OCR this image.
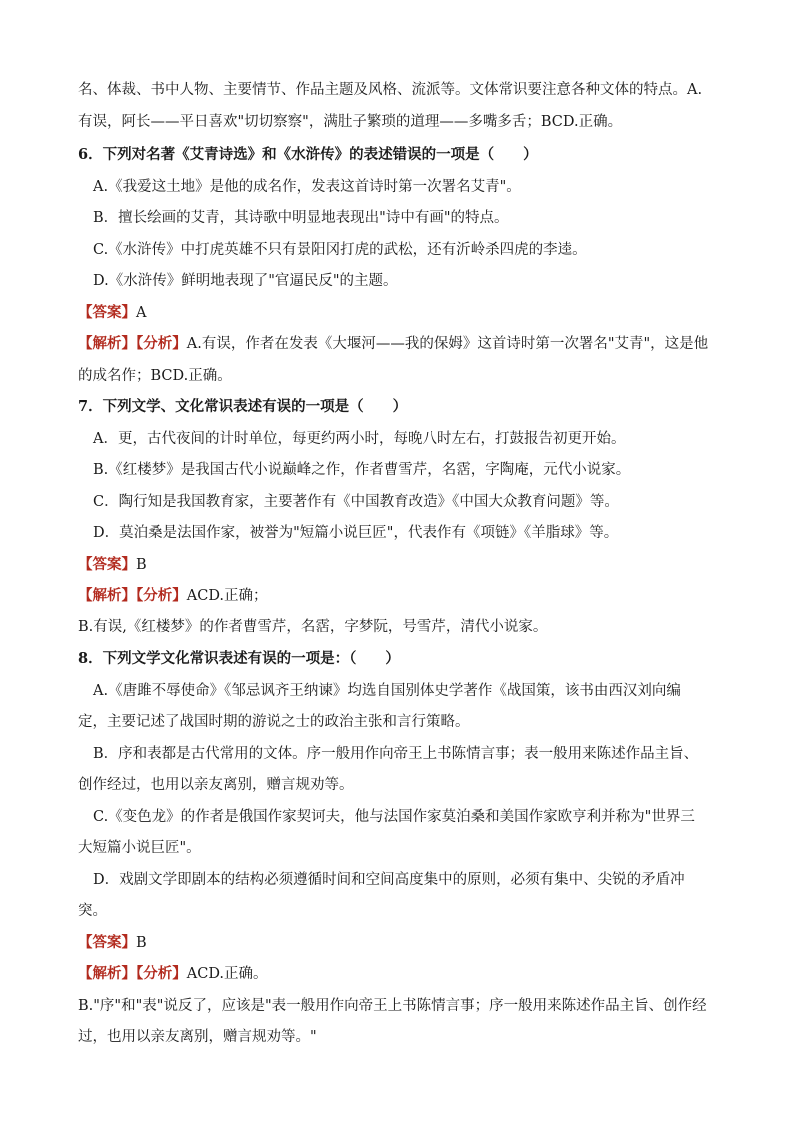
名、体裁、书中人物、主要情节、作品主题及风格、流派等。文体常识要注意各种文体的特点。A.
有误，阿长——平日喜欢"切切察察"，满肚子繁琐的道理——多嘴多舌；BCD.正确。
6．下列对名著《艾青诗选》和《水浒传》的表述错误的一项是（　　）
A.《我爱这土地》是他的成名作，发表这首诗时第一次署名艾青"。
B．擅长绘画的艾青，其诗歌中明显地表现出"诗中有画"的特点。
C.《水浒传》中打虎英雄不只有景阳冈打虎的武松，还有沂岭杀四虎的李逵。
D.《水浒传》鲜明地表现了"官逼民反"的主题。
【答案】A
【解析】【分析】A.有误，作者在发表《大堰河——我的保姆》这首诗时第一次署名"艾青"，这是他
的成名作；BCD.正确。
7．下列文学、文化常识表述有误的一项是（　　）
A．更，古代夜间的计时单位，每更约两小时，每晚八时左右，打鼓报告初更开始。
B.《红楼梦》是我国古代小说巅峰之作，作者曹雪芹，名霑，字陶庵，元代小说家。
C．陶行知是我国教育家，主要著作有《中国教育改造》《中国大众教育问题》等。
D．莫泊桑是法国作家，被誉为"短篇小说巨匠"，代表作有《项链》《羊脂球》等。
【答案】B
【解析】【分析】ACD.正确；
B.有误,《红楼梦》的作者曹雪芹，名霑，字梦阮，号雪芹，清代小说家。
8．下列文学文化常识表述有误的一项是：（　　）
A.《唐雎不辱使命》《邹忌讽齐王纳谏》均选自国别体史学著作《战国策，该书由西汉刘向编
定，主要记述了战国时期的游说之士的政治主张和言行策略。
B．序和表都是古代常用的文体。序一般用作向帝王上书陈情言事；表一般用来陈述作品主旨、
创作经过，也用以亲友离别，赠言规劝等。
C.《变色龙》的作者是俄国作家契诃夫，他与法国作家莫泊桑和美国作家欧亨利并称为"世界三
大短篇小说巨匠"。
D．戏剧文学即剧本的结构必须遵循时间和空间高度集中的原则，必须有集中、尖锐的矛盾冲
突。
【答案】B
【解析】【分析】ACD.正确。
B."序"和"表"说反了，应该是"表一般用作向帝王上书陈情言事；序一般用来陈述作品主旨、创作经
过，也用以亲友离别，赠言规劝等。"
